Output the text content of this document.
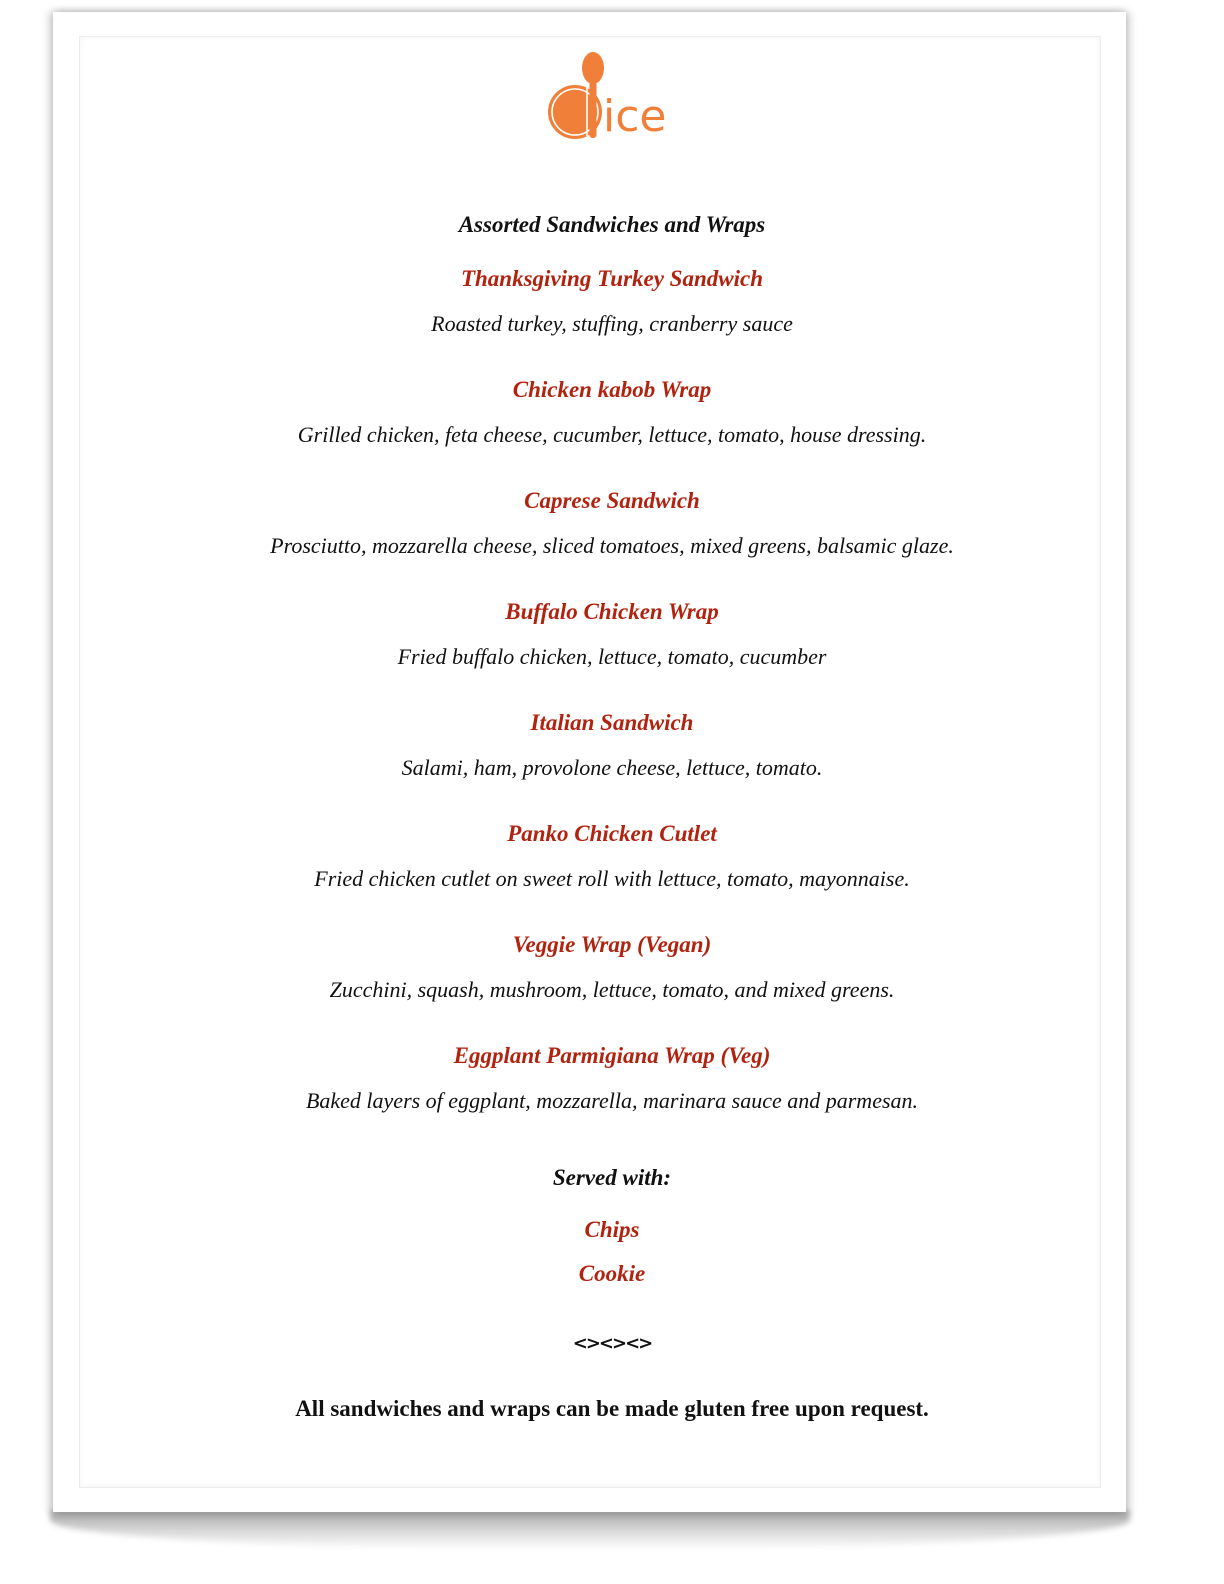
ice
Assorted Sandwiches and Wraps
Thanksgiving Turkey Sandwich
Roasted turkey, stuffing, cranberry sauce
Chicken kabob Wrap
Grilled chicken, feta cheese, cucumber, lettuce, tomato, house dressing.
Caprese Sandwich
Prosciutto, mozzarella cheese, sliced tomatoes, mixed greens, balsamic glaze.
Buffalo Chicken Wrap
Fried buffalo chicken, lettuce, tomato, cucumber
Italian Sandwich
Salami, ham, provolone cheese, lettuce, tomato.
Panko Chicken Cutlet
Fried chicken cutlet on sweet roll with lettuce, tomato, mayonnaise.
Veggie Wrap (Vegan)
Zucchini, squash, mushroom, lettuce, tomato, and mixed greens.
Eggplant Parmigiana Wrap (Veg)
Baked layers of eggplant, mozzarella, marinara sauce and parmesan.
Served with:
Chips
Cookie
<><><>
All sandwiches and wraps can be made gluten free upon request.
